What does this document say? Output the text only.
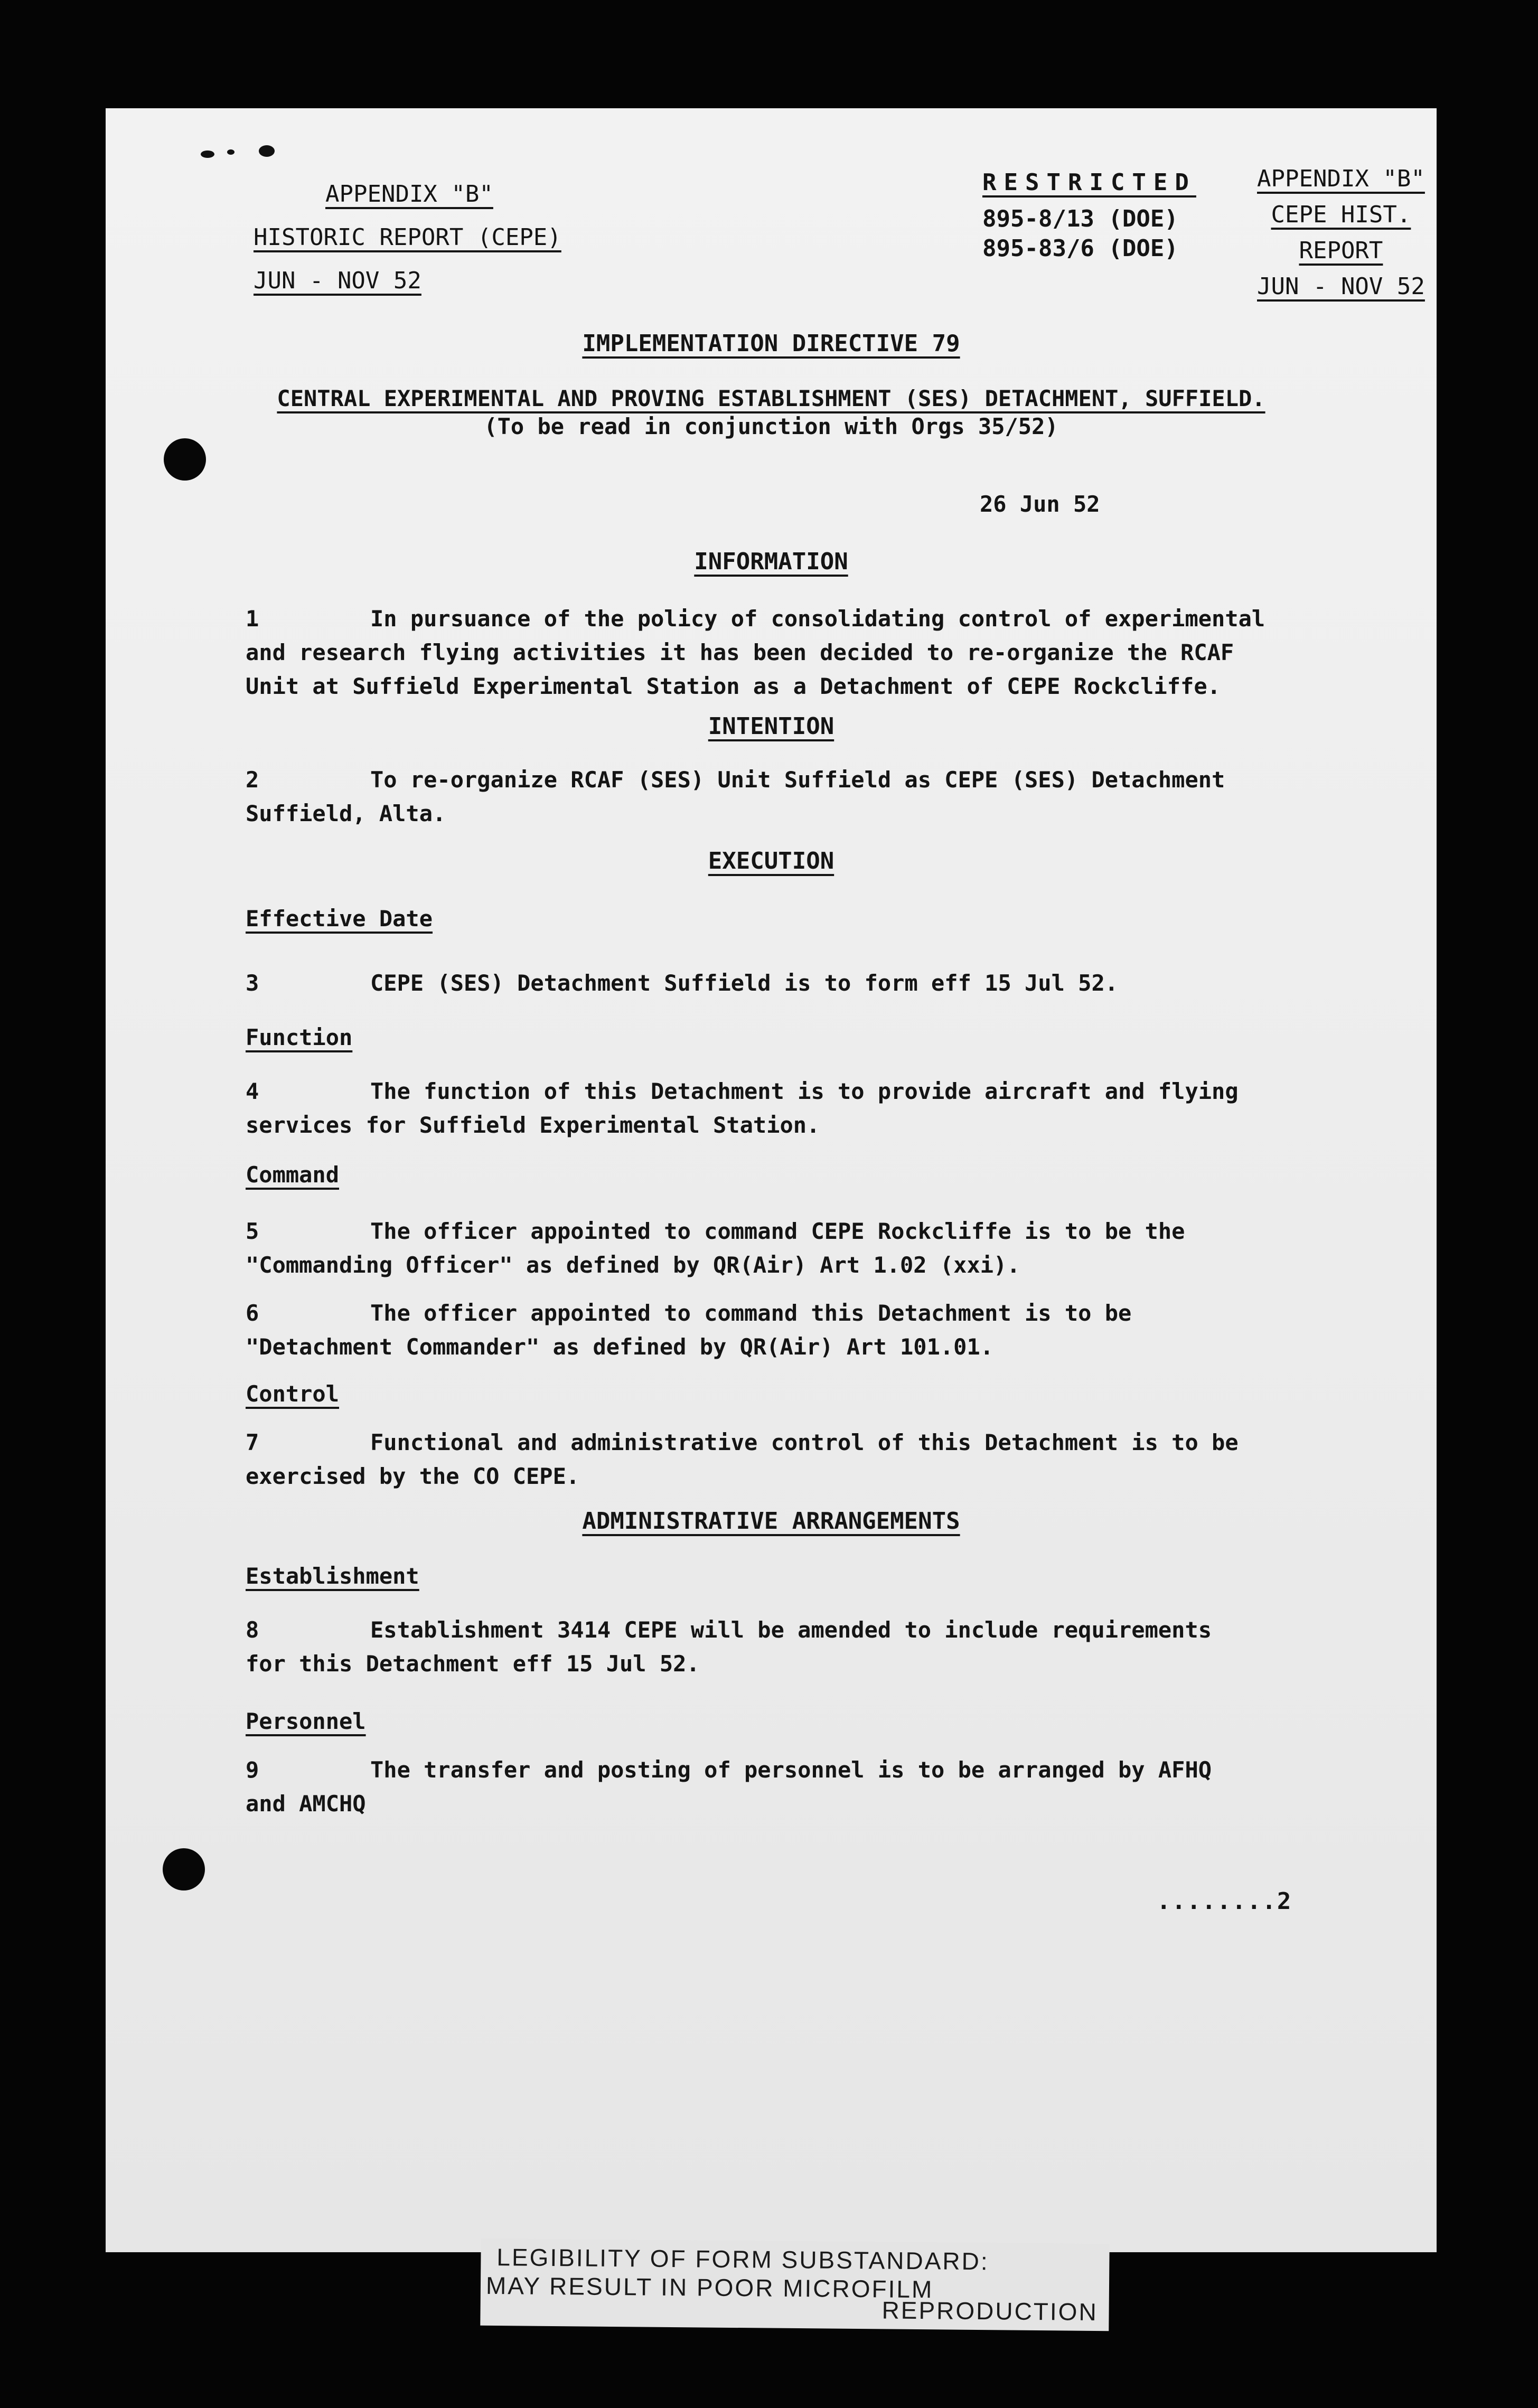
APPENDIX "B"
HISTORIC REPORT (CEPE)
JUN - NOV 52
RESTRICTED
895-8/13 (DOE)
895-83/6 (DOE)
APPENDIX "B"
CEPE HIST.
REPORT
JUN - NOV 52
IMPLEMENTATION DIRECTIVE 79
CENTRAL EXPERIMENTAL AND PROVING ESTABLISHMENT (SES) DETACHMENT, SUFFIELD.
(To be read in conjunction with Orgs 35/52)
26 Jun 52
INFORMATION
1	In pursuance of the policy of consolidating control of experimental
and research flying activities it has been decided to re-organize the RCAF
Unit at Suffield Experimental Station as a Detachment of CEPE Rockcliffe.
INTENTION
2	To re-organize RCAF (SES) Unit Suffield as CEPE (SES) Detachment
Suffield, Alta.
EXECUTION
Effective Date
3	CEPE (SES) Detachment Suffield is to form eff 15 Jul 52.
Function
4	The function of this Detachment is to provide aircraft and flying
services for Suffield Experimental Station.
Command
5	The officer appointed to command CEPE Rockcliffe is to be the
"Commanding Officer" as defined by QR(Air) Art 1.02 (xxi).
6	The officer appointed to command this Detachment is to be
"Detachment Commander" as defined by QR(Air) Art 101.01.
Control
7	Functional and administrative control of this Detachment is to be
exercised by the CO CEPE.
ADMINISTRATIVE ARRANGEMENTS
Establishment
8	Establishment 3414 CEPE will be amended to include requirements
for this Detachment eff 15 Jul 52.
Personnel
9	The transfer and posting of personnel is to be arranged by AFHQ
and AMCHQ
........2
LEGIBILITY OF FORM SUBSTANDARD:
MAY RESULT IN POOR MICROFILM
REPRODUCTION
